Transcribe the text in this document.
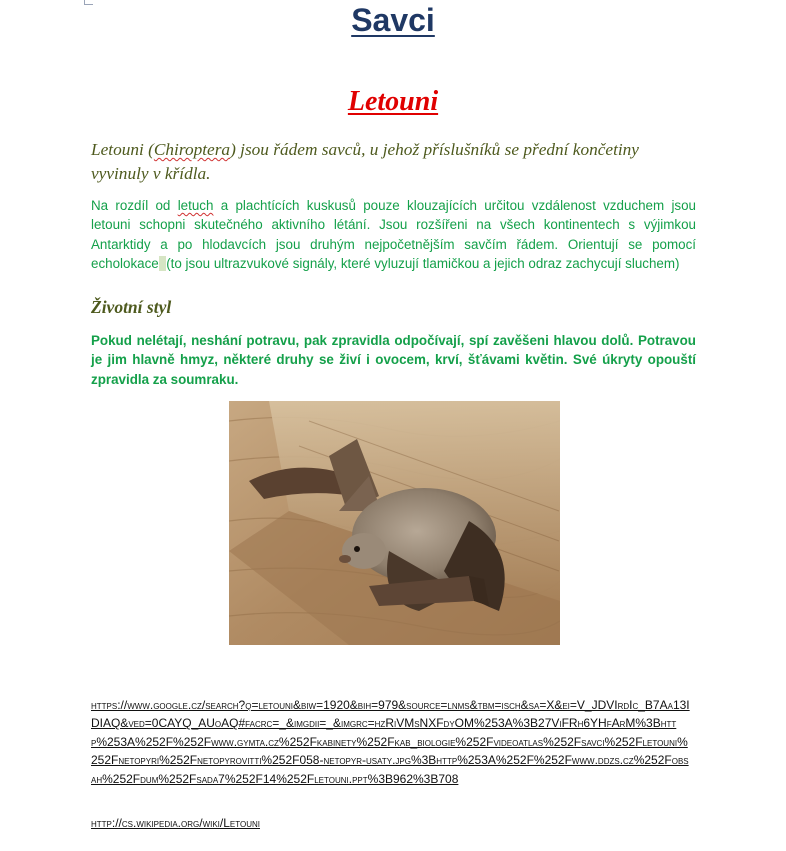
Savci
Letouni

Letouni (Chiroptera) jsou řádem savců, u jehož příslušníků se přední končetiny vyvinuly v křídla.

Na rozdíl od letuch a plachtících kuskusů pouze klouzajících určitou vzdálenost vzduchem jsou letouni schopni skutečného aktivního létání. Jsou rozšířeni na všech kontinentech s výjimkou Antarktidy a po hlodavcích jsou druhým nejpočetnějším savčím řádem. Orientují se pomocí echolokace (to jsou ultrazvukové signály, které vyluzují tlamičkou a jejich odraz zachycují sluchem)

Životní styl

Pokud nelétají, neshání potravu, pak zpravidla odpočívají, spí zavěšeni hlavou dolů. Potravou je jim hlavně hmyz, některé druhy se živí i ovocem, krví, šťávami květin. Své úkryty opouští zpravidla za soumraku.

https://www.google.cz/search?q=letouni&biw=1920&bih=979&source=lnms&tbm=isch&sa=X&ei=V_JDVIrdIc_B7Aa13IDIAQ&ved=0CAYQ_AUoAQ#facrc=_&imgdii=_&imgrc=hzRiVMsNXFdyOM%253A%3B27ViFRh6YHfArM%3Bhttp%253A%252F%252Fwww.gymta.cz%252Fkabinety%252Fkab_biologie%252Fvideoatlas%252Fsavci%252Fletouni%252Fnetopyri%252Fnetopyrovitti%252F058-netopyr-usaty.jpg%3Bhttp%253A%252F%252Fwww.ddzs.cz%252Fobsah%252Fdum%252Fsada7%252F14%252Fletouni.ppt%3B962%3B708

http://cs.wikipedia.org/wiki/Letouni
